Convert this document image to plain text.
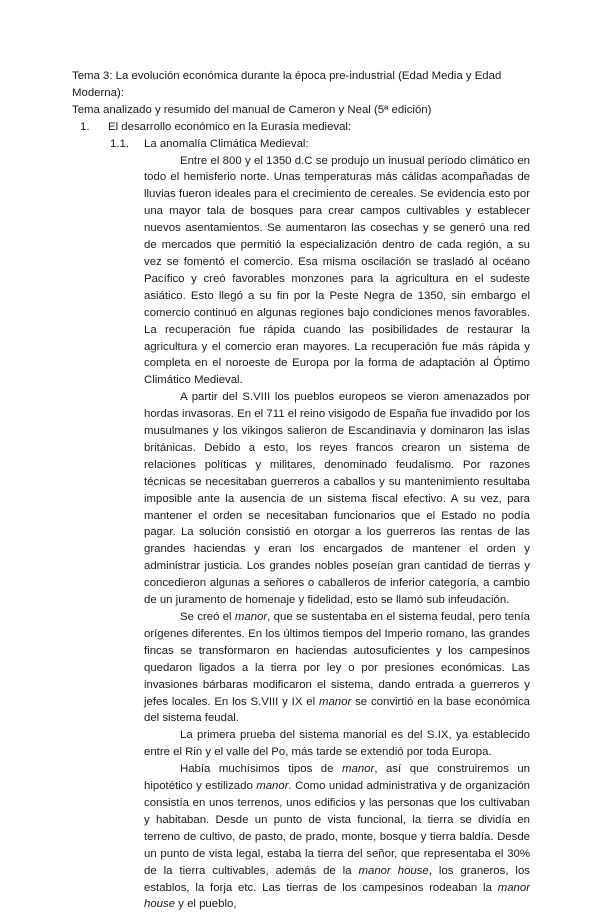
Tema 3: La evolución económica durante la época pre-industrial (Edad Media y Edad
Moderna):
Tema analizado y resumido del manual de Cameron y Neal (5ª edición)
1. El desarrollo económico en la Eurasia medieval:
1.1. La anomalía Climática Medieval:

Entre el 800 y el 1350 d.C se produjo un inusual período climático en todo el hemisferio norte. Unas temperaturas más cálidas acompañadas de lluvias fueron ideales para el crecimiento de cereales. Se evidencia esto por una mayor tala de bosques para crear campos cultivables y establecer nuevos asentamientos. Se aumentaron las cosechas y se generó una red de mercados que permitió la especialización dentro de cada región, a su vez se fomentó el comercio. Esa misma oscilación se trasladó al océano Pacífico y creó favorables monzones para la agricultura en el sudeste asiático. Esto llegó a su fin por la Peste Negra de 1350, sin embargo el comercio continuó en algunas regiones bajo condiciones menos favorables. La recuperación fue rápida cuando las posibilidades de restaurar la agricultura y el comercio eran mayores. La recuperación fue más rápida y completa en el noroeste de Europa por la forma de adaptación al Óptimo Climático Medieval.

A partir del S.VIII los pueblos europeos se vieron amenazados por hordas invasoras. En el 711 el reino visigodo de España fue invadido por los musulmanes y los vikingos salieron de Escandinavia y dominaron las islas británicas. Debido a esto, los reyes francos crearon un sistema de relaciones políticas y militares, denominado feudalismo. Por razones técnicas se necesitaban guerreros a caballos y su mantenimiento resultaba imposible ante la ausencia de un sistema fiscal efectivo. A su vez, para mantener el orden se necesitaban funcionarios que el Estado no podía pagar. La solución consistió en otorgar a los guerreros las rentas de las grandes haciendas y eran los encargados de mantener el orden y administrar justicia. Los grandes nobles poseían gran cantidad de tierras y concedieron algunas a señores o caballeros de inferior categoría, a cambio de un juramento de homenaje y fidelidad, esto se llamó sub infeudación.

Se creó el manor, que se sustentaba en el sistema feudal, pero tenía orígenes diferentes. En los últimos tiempos del Imperio romano, las grandes fincas se transformaron en haciendas autosuficientes y los campesinos quedaron ligados a la tierra por ley o por presiones económicas. Las invasiones bárbaras modificaron el sistema, dando entrada a guerreros y jefes locales. En los S.VIII y IX el manor se convirtió en la base económica del sistema feudal.

La primera prueba del sistema manorial es del S.IX, ya establecido entre el Rin y el valle del Po, más tarde se extendió por toda Europa.

Había muchísimos tipos de manor, así que construiremos un hipotético y estilizado manor. Como unidad administrativa y de organización consistía en unos terrenos, unos edificios y las personas que los cultivaban y habitaban. Desde un punto de vista funcional, la tierra se dividía en terreno de cultivo, de pasto, de prado, monte, bosque y tierra baldía. Desde un punto de vista legal, estaba la tierra del señor, que representaba el 30% de la tierra cultivables, además de la manor house, los graneros, los establos, la forja etc. Las tierras de los campesinos rodeaban la manor house y el pueblo,
